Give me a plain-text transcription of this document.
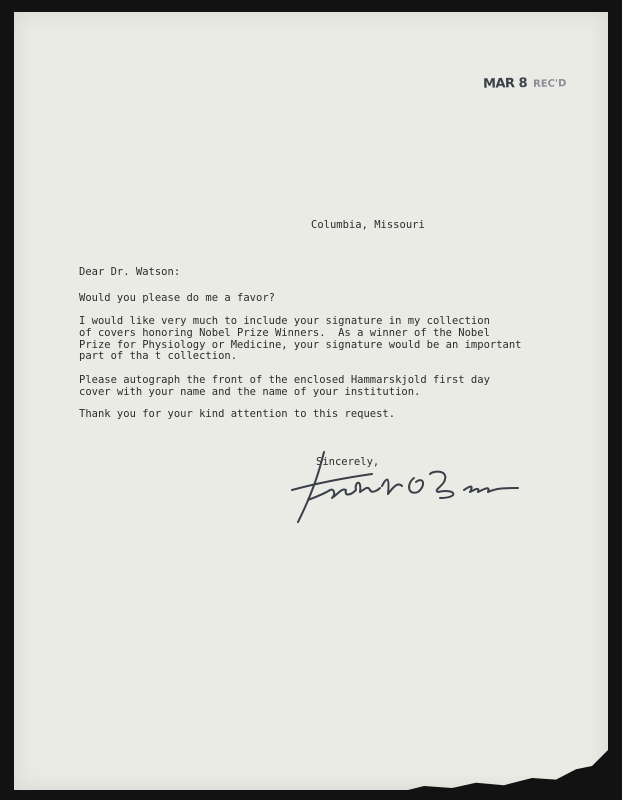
MAR 8 REC'D
Columbia, Missouri
Dear Dr. Watson:
Would you please do me a favor?
I would like very much to include your signature in my collection
of covers honoring Nobel Prize Winners.  As a winner of the Nobel
Prize for Physiology or Medicine, your signature would be an important
part of tha t collection.
Please autograph the front of the enclosed Hammarskjold first day
cover with your name and the name of your institution.
Thank you for your kind attention to this request.
Sincerely,
